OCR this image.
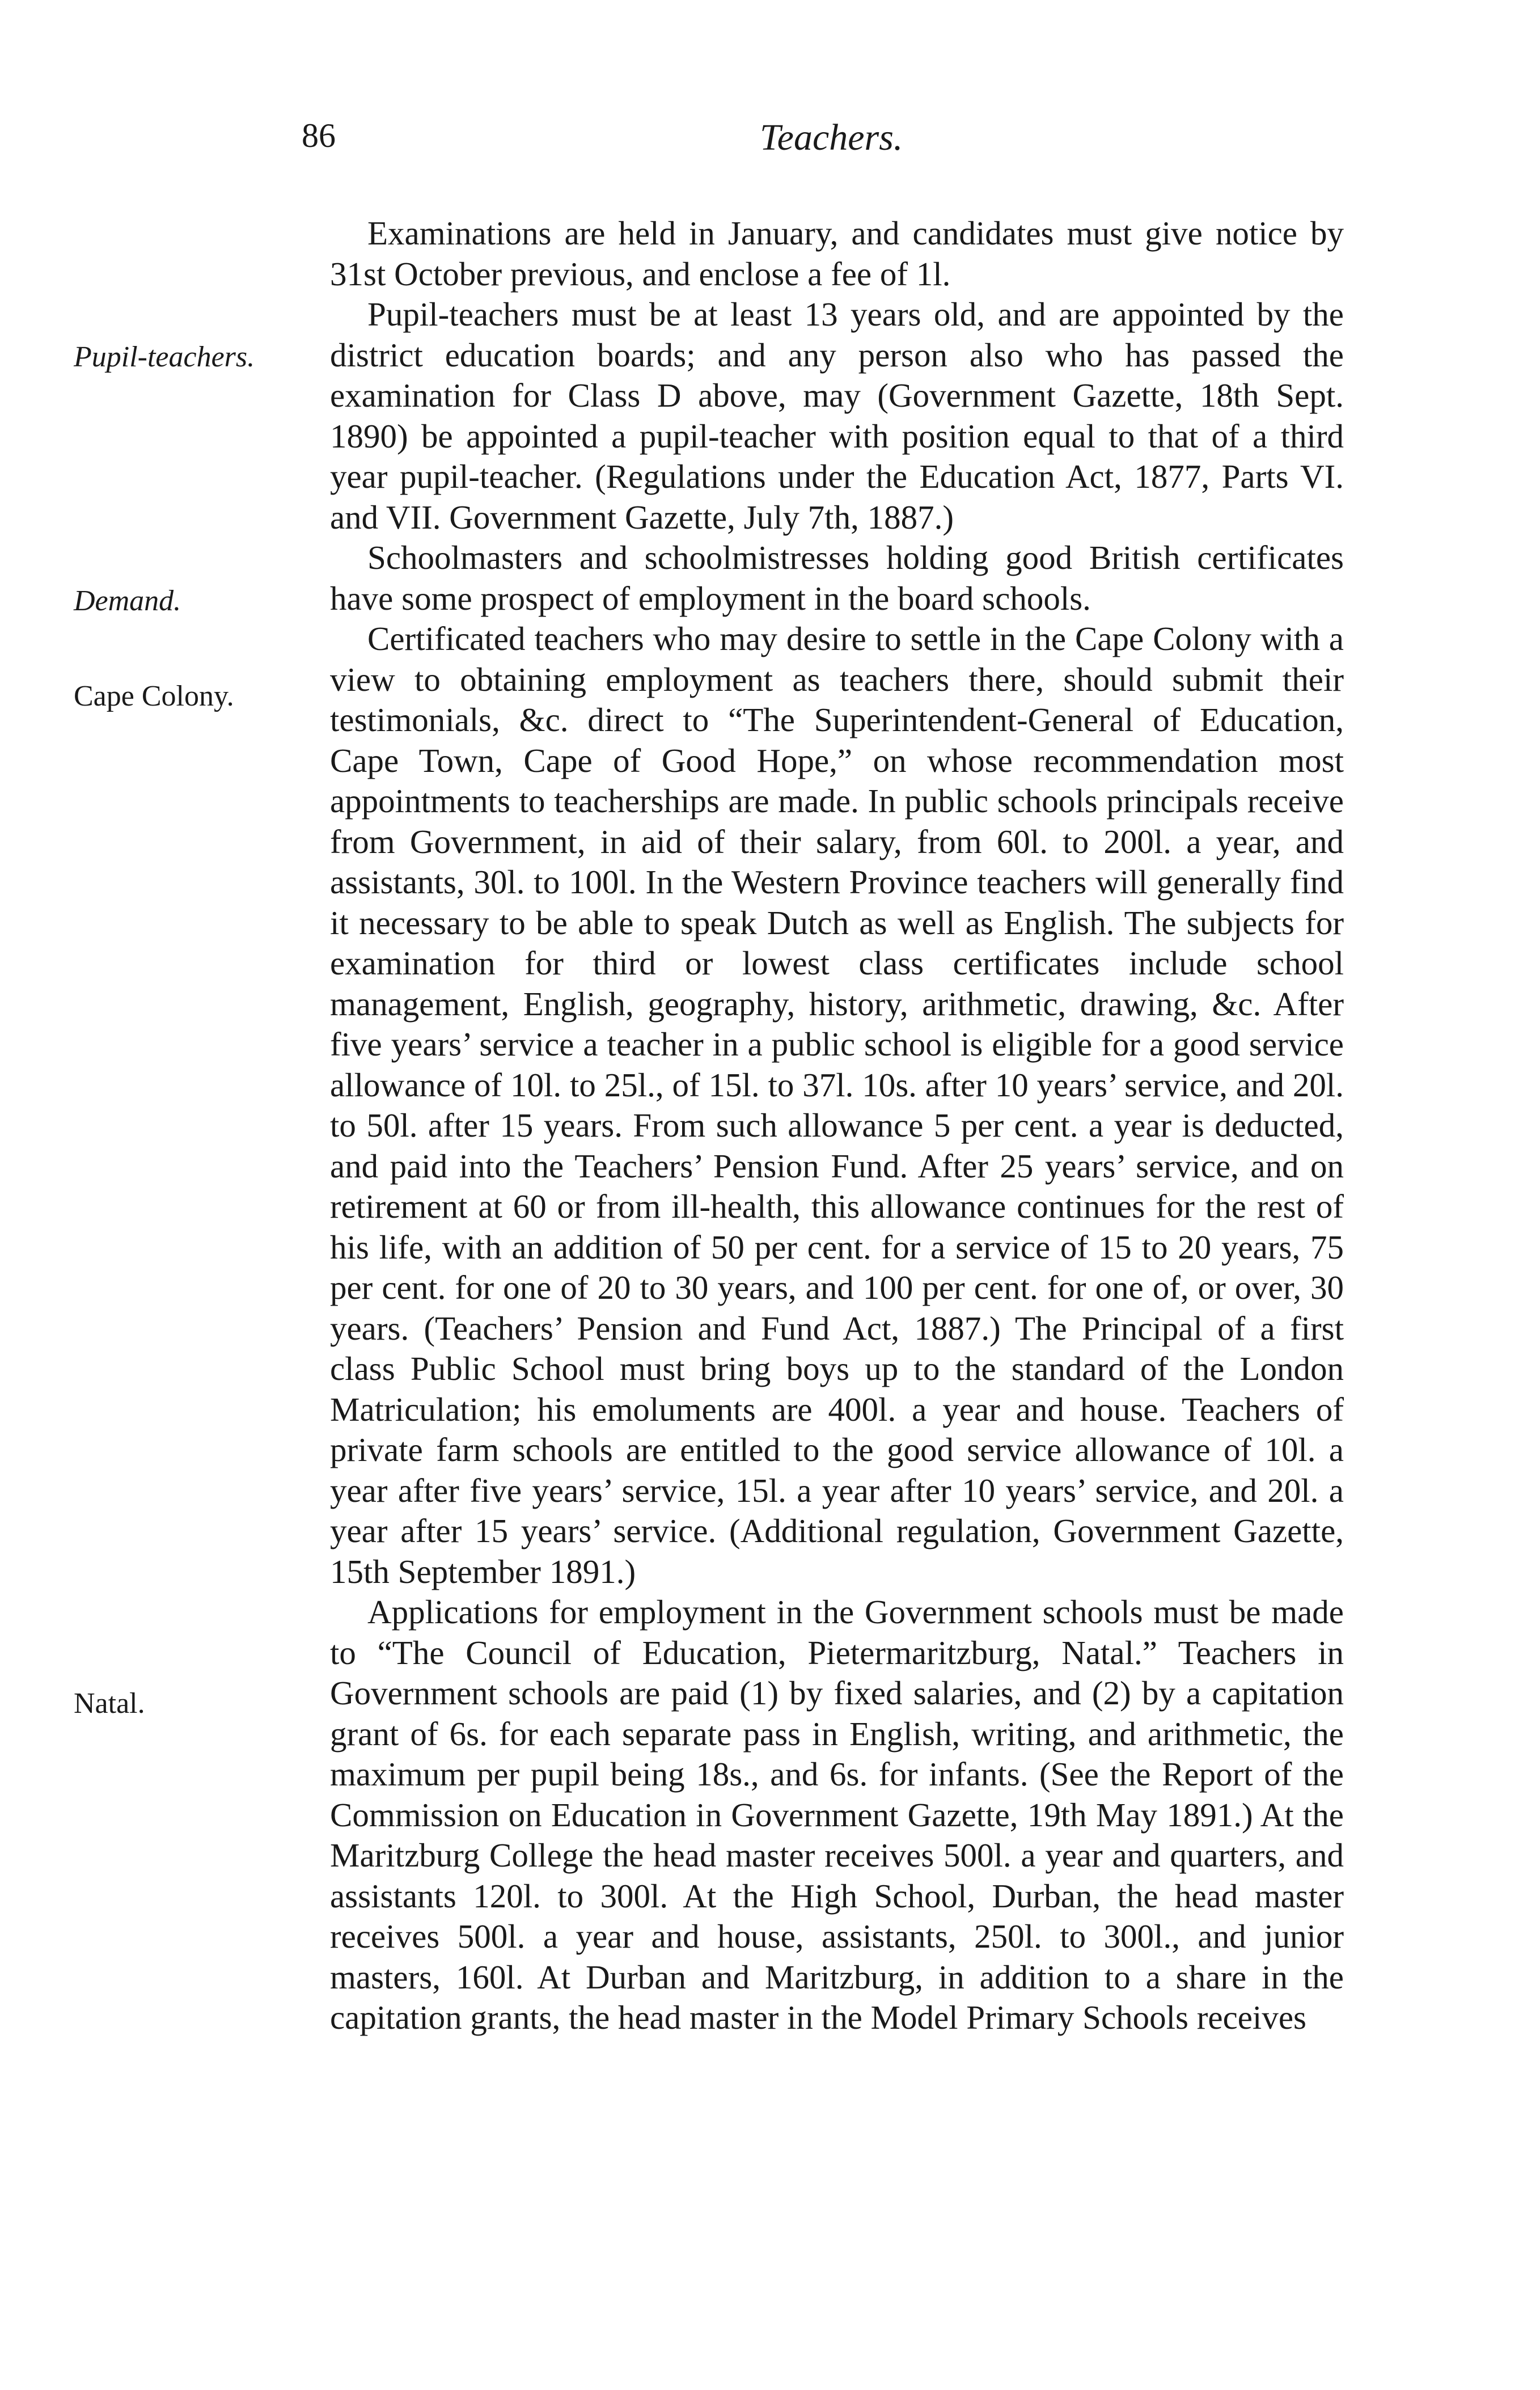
86	Teachers.
Pupil-teachers.
Demand.
Cape Colony.
Natal.

Examinations are held in January, and candidates must give notice by 31st October previous, and enclose a fee of 1l.

Pupil-teachers must be at least 13 years old, and are appointed by the district education boards; and any person also who has passed the examination for Class D above, may (Government Gazette, 18th Sept. 1890) be appointed a pupil-teacher with position equal to that of a third year pupil-teacher. (Regulations under the Education Act, 1877, Parts VI. and VII. Government Gazette, July 7th, 1887.)

Schoolmasters and schoolmistresses holding good British certificates have some prospect of employment in the board schools.

Certificated teachers who may desire to settle in the Cape Colony with a view to obtaining employment as teachers there, should submit their testimonials, &c. direct to “The Superintendent-General of Education, Cape Town, Cape of Good Hope,” on whose recommendation most appointments to teacherships are made. In public schools principals receive from Government, in aid of their salary, from 60l. to 200l. a year, and assistants, 30l. to 100l. In the Western Province teachers will generally find it necessary to be able to speak Dutch as well as English. The subjects for examination for third or lowest class certificates include school management, English, geography, history, arithmetic, drawing, &c. After five years’ service a teacher in a public school is eligible for a good service allowance of 10l. to 25l., of 15l. to 37l. 10s. after 10 years’ service, and 20l. to 50l. after 15 years. From such allowance 5 per cent. a year is deducted, and paid into the Teachers’ Pension Fund. After 25 years’ service, and on retirement at 60 or from ill-health, this allowance continues for the rest of his life, with an addition of 50 per cent. for a service of 15 to 20 years, 75 per cent. for one of 20 to 30 years, and 100 per cent. for one of, or over, 30 years. (Teachers’ Pension and Fund Act, 1887.) The Principal of a first class Public School must bring boys up to the standard of the London Matriculation; his emoluments are 400l. a year and house. Teachers of private farm schools are entitled to the good service allowance of 10l. a year after five years’ service, 15l. a year after 10 years’ service, and 20l. a year after 15 years’ service. (Additional regulation, Government Gazette, 15th September 1891.)

Applications for employment in the Government schools must be made to “The Council of Education, Pietermaritzburg, Natal.” Teachers in Government schools are paid (1) by fixed salaries, and (2) by a capitation grant of 6s. for each separate pass in English, writing, and arithmetic, the maximum per pupil being 18s., and 6s. for infants. (See the Report of the Commission on Education in Government Gazette, 19th May 1891.) At the Maritzburg College the head master receives 500l. a year and quarters, and assistants 120l. to 300l. At the High School, Durban, the head master receives 500l. a year and house, assistants, 250l. to 300l., and junior masters, 160l. At Durban and Maritzburg, in addition to a share in the capitation grants, the head master in the Model Primary Schools receives
